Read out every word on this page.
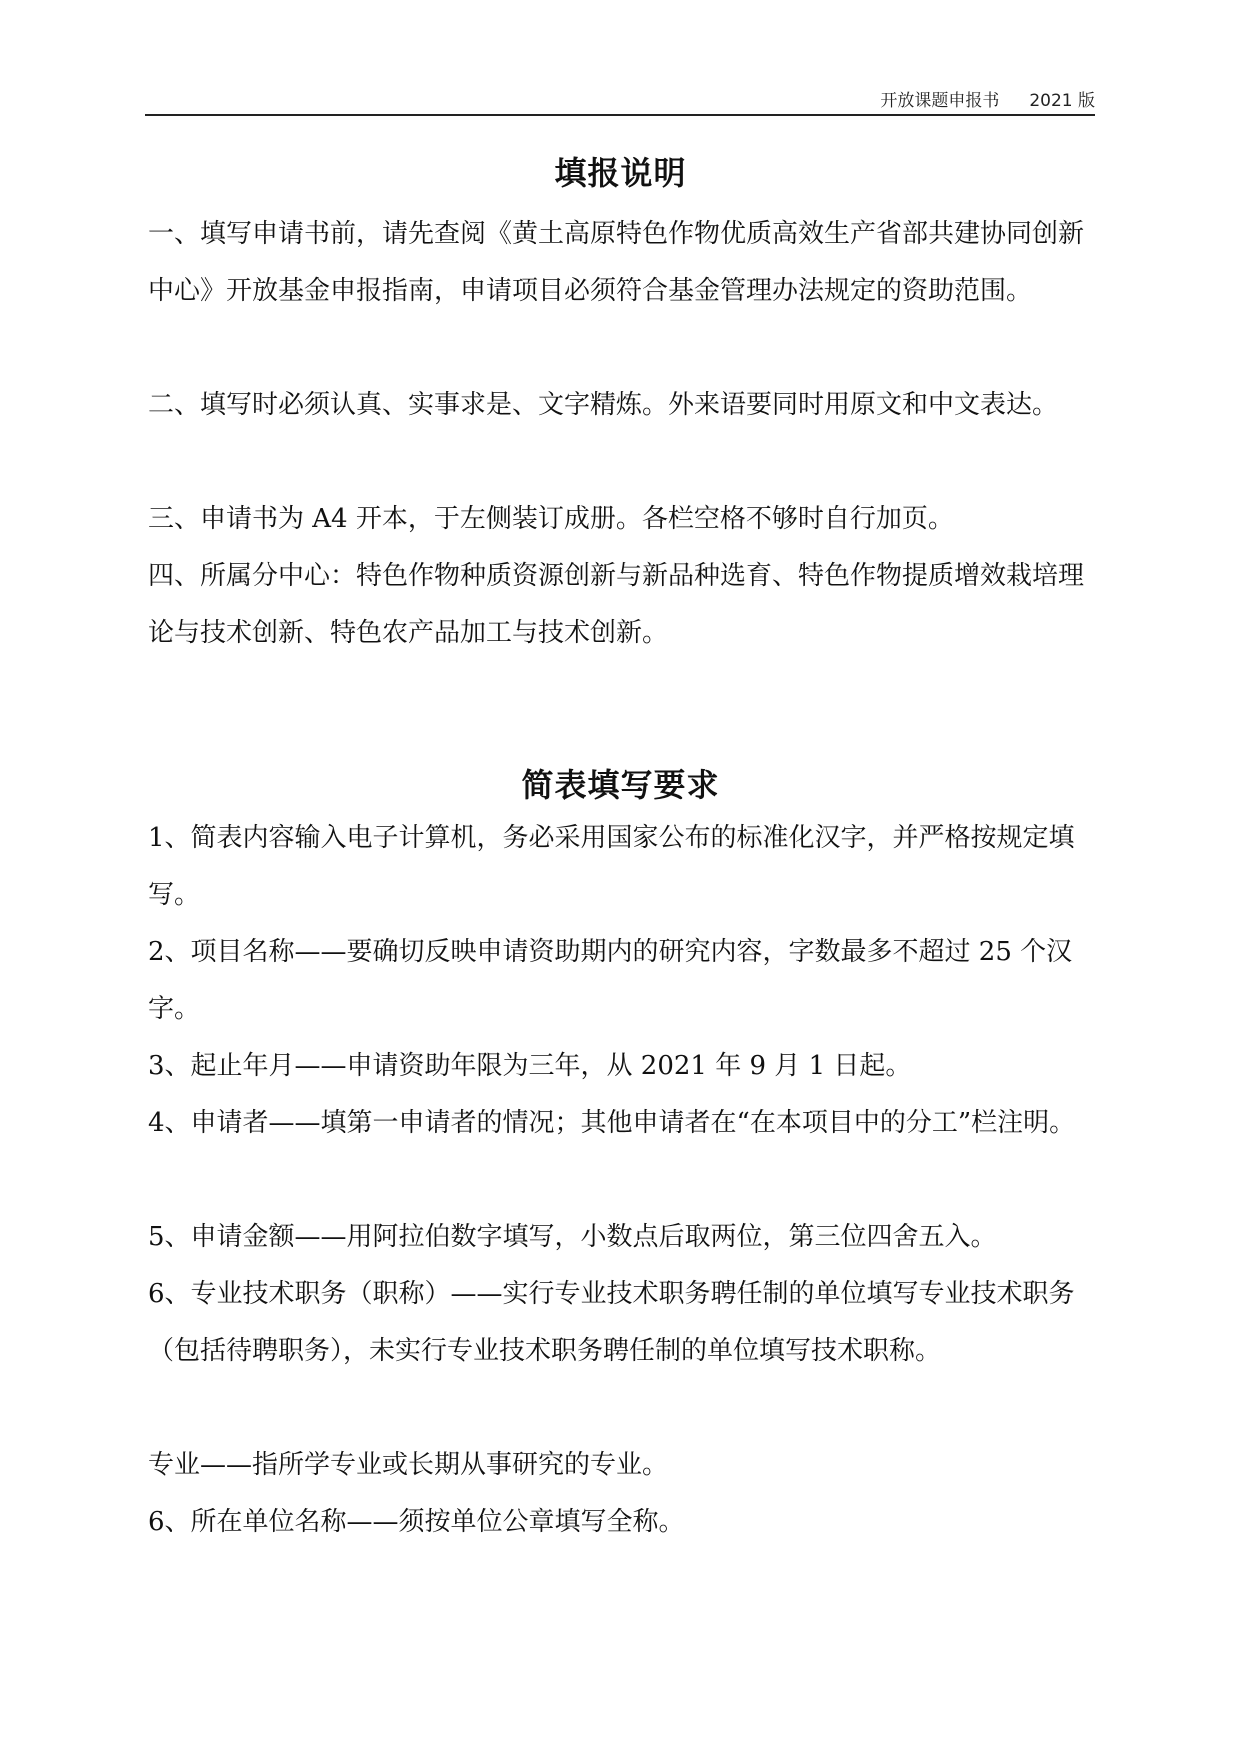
开放课题申报书 2021 版
填报说明

一、填写申请书前，请先查阅《黄土高原特色作物优质高效生产省部共建协同创新中心》开放基金申报指南，申请项目必须符合基金管理办法规定的资助范围。

二、填写时必须认真、实事求是、文字精炼。外来语要同时用原文和中文表达。

三、申请书为 A4 开本，于左侧装订成册。各栏空格不够时自行加页。

四、所属分中心：特色作物种质资源创新与新品种选育、特色作物提质增效栽培理论与技术创新、特色农产品加工与技术创新。

简表填写要求

1、简表内容输入电子计算机，务必采用国家公布的标准化汉字，并严格按规定填写。

2、项目名称——要确切反映申请资助期内的研究内容，字数最多不超过 25 个汉字。

3、起止年月——申请资助年限为三年，从 2021 年 9 月 1 日起。

4、申请者——填第一申请者的情况；其他申请者在“在本项目中的分工”栏注明。

5、申请金额——用阿拉伯数字填写，小数点后取两位，第三位四舍五入。

6、专业技术职务（职称）——实行专业技术职务聘任制的单位填写专业技术职务（包括待聘职务），未实行专业技术职务聘任制的单位填写技术职称。

专业——指所学专业或长期从事研究的专业。

6、所在单位名称——须按单位公章填写全称。
